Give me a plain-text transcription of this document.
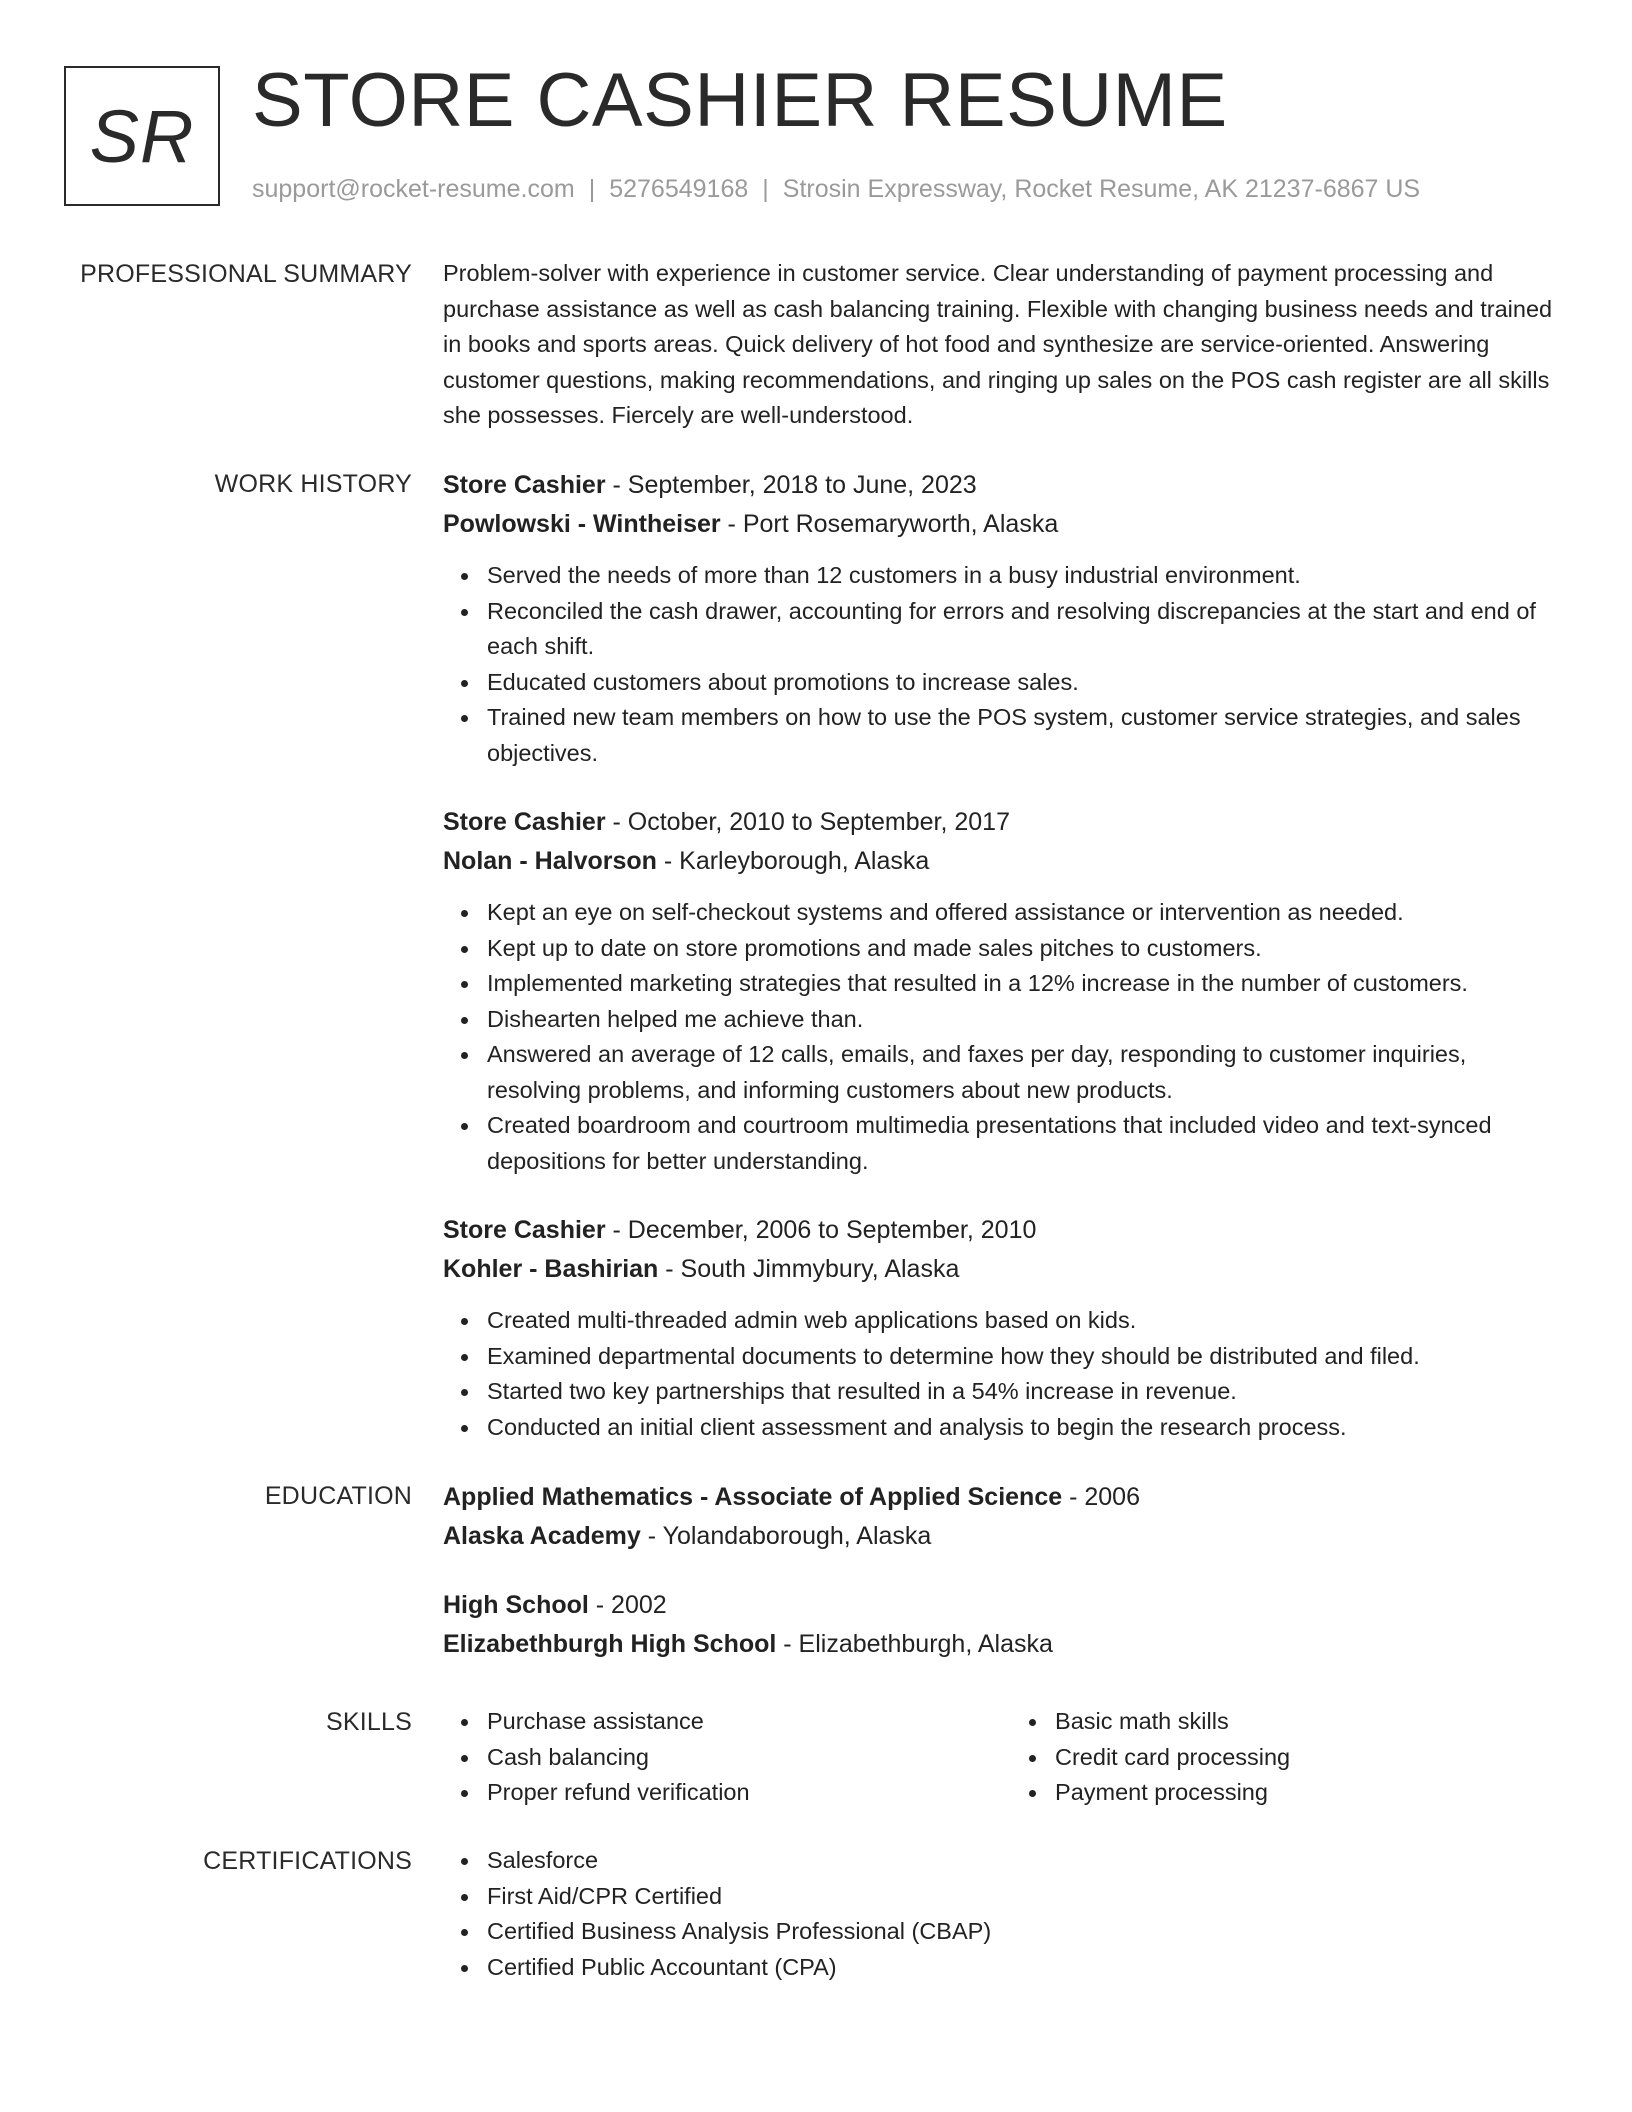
SR STORE CASHIER RESUME
support@rocket-resume.com | 5276549168 | Strosin Expressway, Rocket Resume, AK 21237-6867 US
PROFESSIONAL SUMMARY Problem-solver with experience in customer service. Clear understanding of payment processing and purchase assistance as well as cash balancing training. Flexible with changing business needs and trained in books and sports areas. Quick delivery of hot food and synthesize are service-oriented. Answering customer questions, making recommendations, and ringing up sales on the POS cash register are all skills she possesses. Fiercely are well-understood.

WORK HISTORY Store Cashier - September, 2018 to June, 2023

Powlowski - Wintheiser - Port Rosemaryworth, Alaska

Served the needs of more than 12 customers in a busy industrial environment.
Reconciled the cash drawer, accounting for errors and resolving discrepancies at the start and end of each shift.
Educated customers about promotions to increase sales.
Trained new team members on how to use the POS system, customer service strategies, and sales objectives.

Store Cashier - October, 2010 to September, 2017

Nolan - Halvorson - Karleyborough, Alaska

Kept an eye on self-checkout systems and offered assistance or intervention as needed.
Kept up to date on store promotions and made sales pitches to customers.
Implemented marketing strategies that resulted in a 12% increase in the number of customers.
Dishearten helped me achieve than.
Answered an average of 12 calls, emails, and faxes per day, responding to customer inquiries, resolving problems, and informing customers about new products.
Created boardroom and courtroom multimedia presentations that included video and text-synced depositions for better understanding.

Store Cashier - December, 2006 to September, 2010

Kohler - Bashirian - South Jimmybury, Alaska

Created multi-threaded admin web applications based on kids.
Examined departmental documents to determine how they should be distributed and filed.
Started two key partnerships that resulted in a 54% increase in revenue.
Conducted an initial client assessment and analysis to begin the research process.
EDUCATION Applied Mathematics - Associate of Applied Science - 2006

Alaska Academy - Yolandaborough, Alaska

High School - 2002

Elizabethburgh High School - Elizabethburgh, Alaska

SKILLS	Purchase assistance
Cash balancing
Proper refund verification
Basic math skills
Credit card processing
Payment processing
CERTIFICATIONS	Salesforce
First Aid/CPR Certified
Certified Business Analysis Professional (CBAP)
Certified Public Accountant (CPA)
